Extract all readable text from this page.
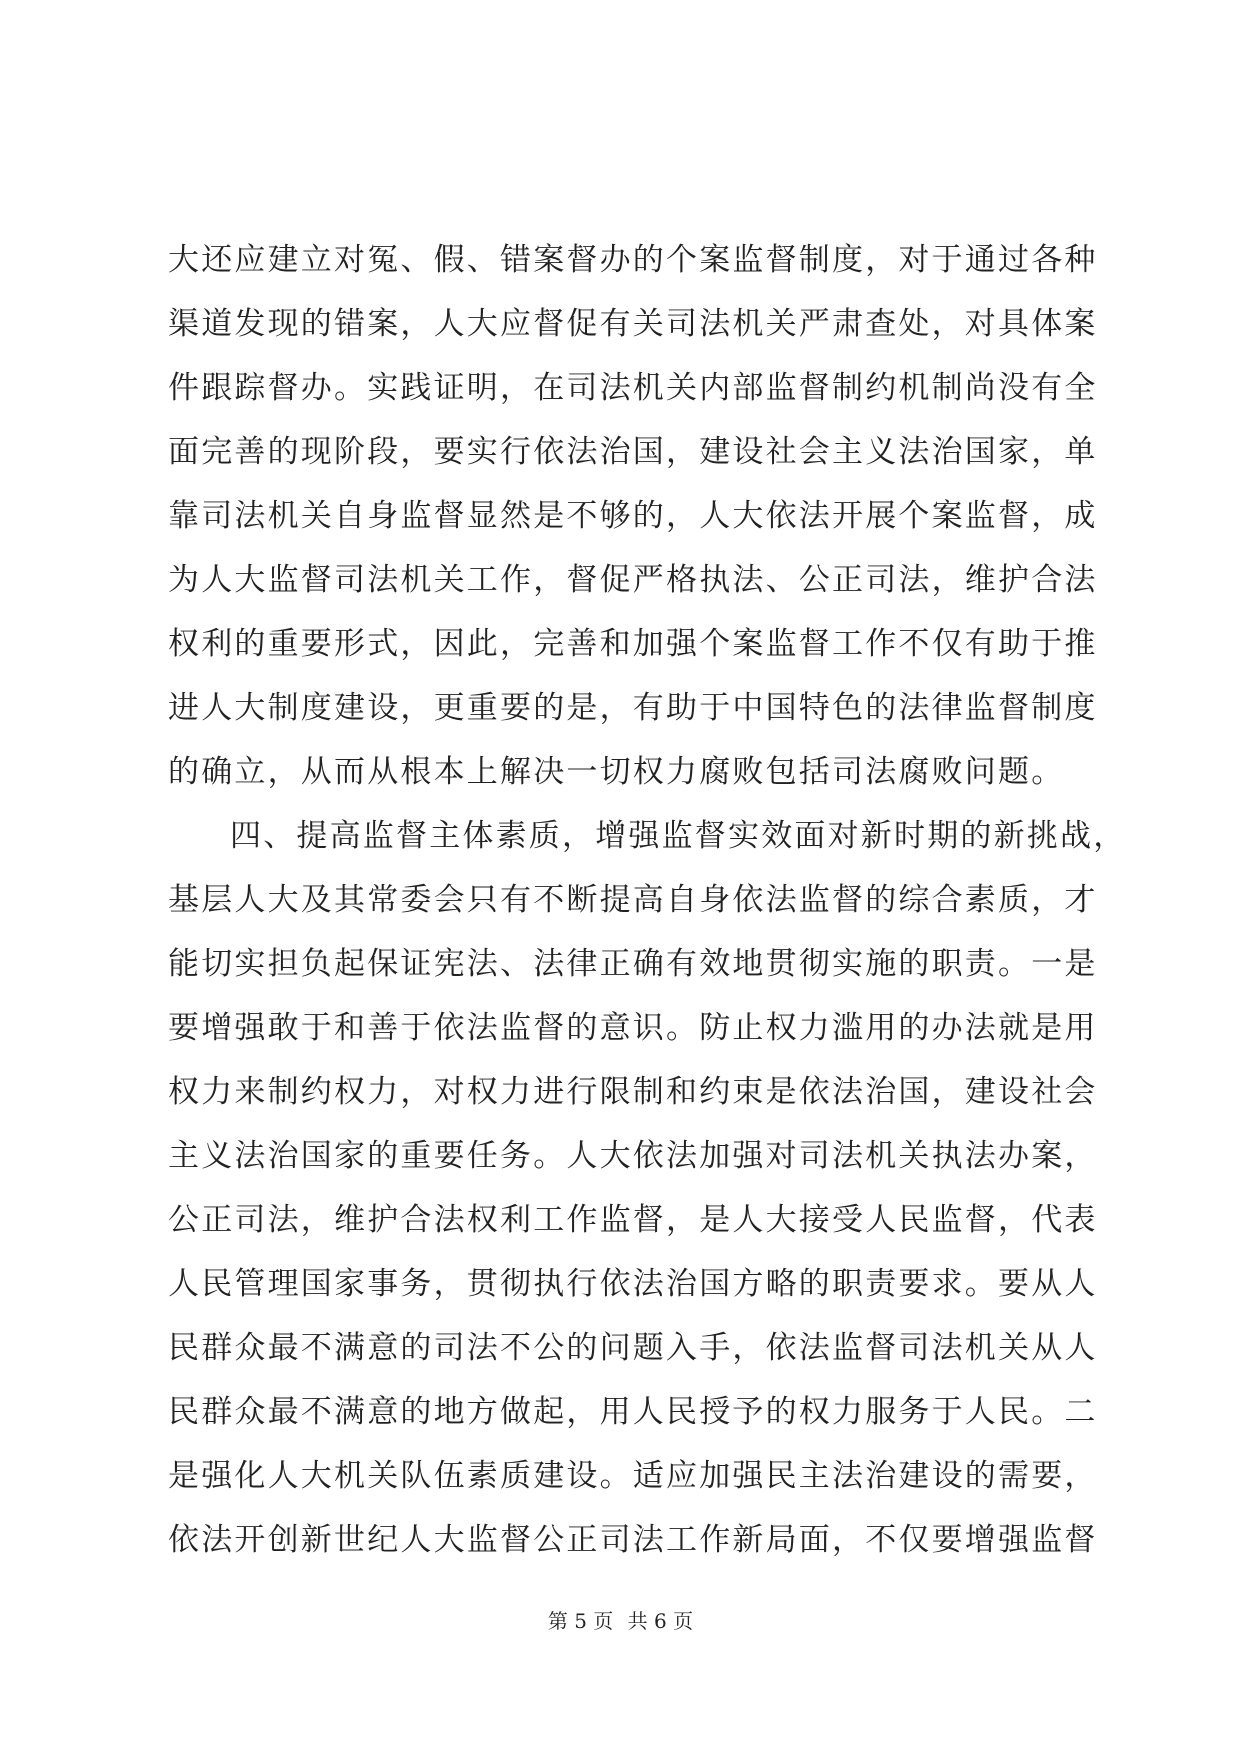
大还应建立对冤、假、错案督办的个案监督制度，对于通过各种
渠道发现的错案，人大应督促有关司法机关严肃查处，对具体案
件跟踪督办。实践证明，在司法机关内部监督制约机制尚没有全
面完善的现阶段，要实行依法治国，建设社会主义法治国家，单
靠司法机关自身监督显然是不够的，人大依法开展个案监督，成
为人大监督司法机关工作，督促严格执法、公正司法，维护合法
权利的重要形式，因此，完善和加强个案监督工作不仅有助于推
进人大制度建设，更重要的是，有助于中国特色的法律监督制度
的确立，从而从根本上解决一切权力腐败包括司法腐败问题。
四、提高监督主体素质，增强监督实效面对新时期的新挑战，
基层人大及其常委会只有不断提高自身依法监督的综合素质，才
能切实担负起保证宪法、法律正确有效地贯彻实施的职责。一是
要增强敢于和善于依法监督的意识。防止权力滥用的办法就是用
权力来制约权力，对权力进行限制和约束是依法治国，建设社会
主义法治国家的重要任务。人大依法加强对司法机关执法办案，
公正司法，维护合法权利工作监督，是人大接受人民监督，代表
人民管理国家事务，贯彻执行依法治国方略的职责要求。要从人
民群众最不满意的司法不公的问题入手，依法监督司法机关从人
民群众最不满意的地方做起，用人民授予的权力服务于人民。二
是强化人大机关队伍素质建设。适应加强民主法治建设的需要，
依法开创新世纪人大监督公正司法工作新局面，不仅要增强监督
第 5 页 共 6 页
